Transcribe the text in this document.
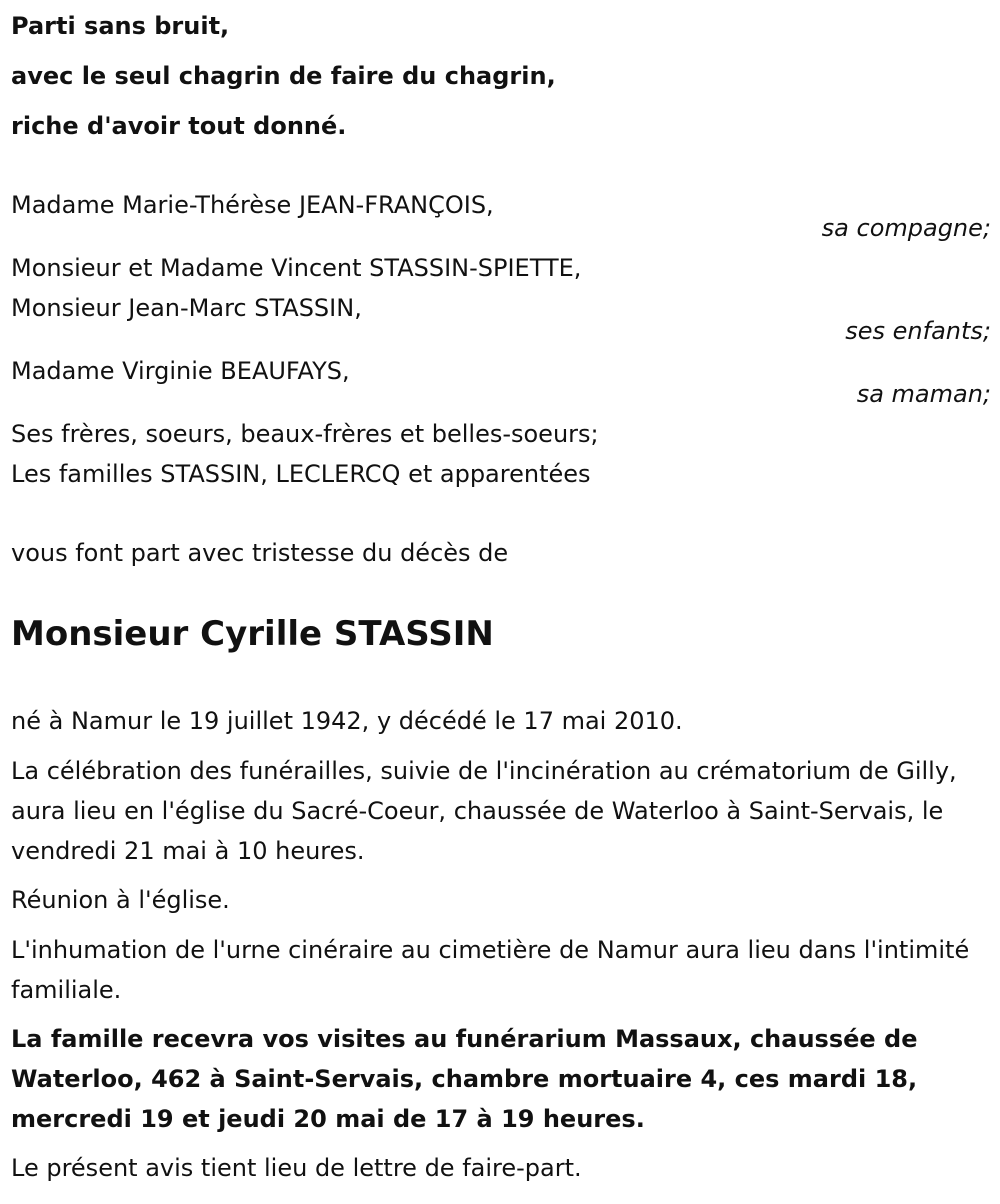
Parti sans bruit,
avec le seul chagrin de faire du chagrin,
riche d'avoir tout donné.
Madame Marie-Thérèse JEAN-FRANÇOIS,
sa compagne;
Monsieur et Madame Vincent STASSIN-SPIETTE,
Monsieur Jean-Marc STASSIN,
ses enfants;
Madame Virginie BEAUFAYS,
sa maman;
Ses frères, soeurs, beaux-frères et belles-soeurs;
Les familles STASSIN, LECLERCQ et apparentées
vous font part avec tristesse du décès de
Monsieur Cyrille STASSIN
né à Namur le 19 juillet 1942, y décédé le 17 mai 2010.
La célébration des funérailles, suivie de l'incinération au crématorium de Gilly, aura lieu en l'église du Sacré-Coeur, chaussée de Waterloo à Saint-Servais, le vendredi 21 mai à 10 heures.
Réunion à l'église.
L'inhumation de l'urne cinéraire au cimetière de Namur aura lieu dans l'intimité familiale.
La famille recevra vos visites au funérarium Massaux, chaussée de Waterloo, 462 à Saint-Servais, chambre mortuaire 4, ces mardi 18, mercredi 19 et jeudi 20 mai de 17 à 19 heures.
Le présent avis tient lieu de lettre de faire-part.
